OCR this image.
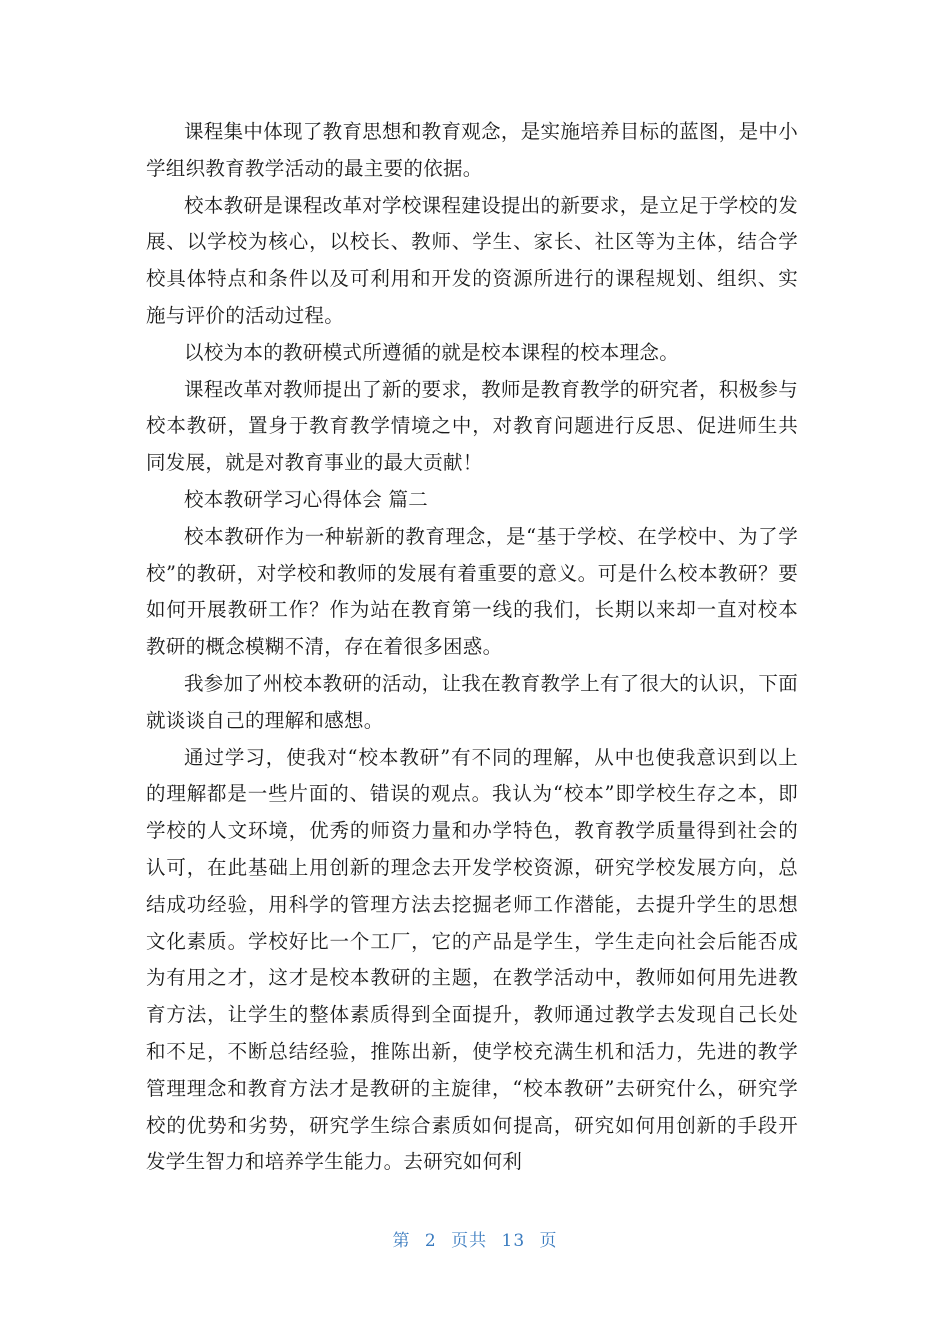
课程集中体现了教育思想和教育观念，是实施培养目标的蓝图，是中小学组织教育教学活动的最主要的依据。

校本教研是课程改革对学校课程建设提出的新要求，是立足于学校的发展、以学校为核心，以校长、教师、学生、家长、社区等为主体，结合学校具体特点和条件以及可利用和开发的资源所进行的课程规划、组织、实施与评价的活动过程。

以校为本的教研模式所遵循的就是校本课程的校本理念。

课程改革对教师提出了新的要求，教师是教育教学的研究者，积极参与校本教研，置身于教育教学情境之中，对教育问题进行反思、促进师生共同发展，就是对教育事业的最大贡献！

校本教研学习心得体会 篇二

校本教研作为一种崭新的教育理念，是“基于学校、在学校中、为了学校”的教研，对学校和教师的发展有着重要的意义。可是什么校本教研？要如何开展教研工作？作为站在教育第一线的我们，长期以来却一直对校本教研的概念模糊不清，存在着很多困惑。

我参加了州校本教研的活动，让我在教育教学上有了很大的认识，下面就谈谈自己的理解和感想。

通过学习，使我对“校本教研”有不同的理解，从中也使我意识到以上的理解都是一些片面的、错误的观点。我认为“校本”即学校生存之本，即学校的人文环境，优秀的师资力量和办学特色，教育教学质量得到社会的认可，在此基础上用创新的理念去开发学校资源，研究学校发展方向，总结成功经验，用科学的管理方法去挖掘老师工作潜能，去提升学生的思想文化素质。学校好比一个工厂，它的产品是学生，学生走向社会后能否成为有用之才，这才是校本教研的主题，在教学活动中，教师如何用先进教育方法，让学生的整体素质得到全面提升，教师通过教学去发现自己长处和不足，不断总结经验，推陈出新，使学校充满生机和活力，先进的教学管理理念和教育方法才是教研的主旋律，“校本教研”去研究什么，研究学校的优势和劣势，研究学生综合素质如何提高，研究如何用创新的手段开发学生智力和培养学生能力。去研究如何利

第 2 页共 13 页
